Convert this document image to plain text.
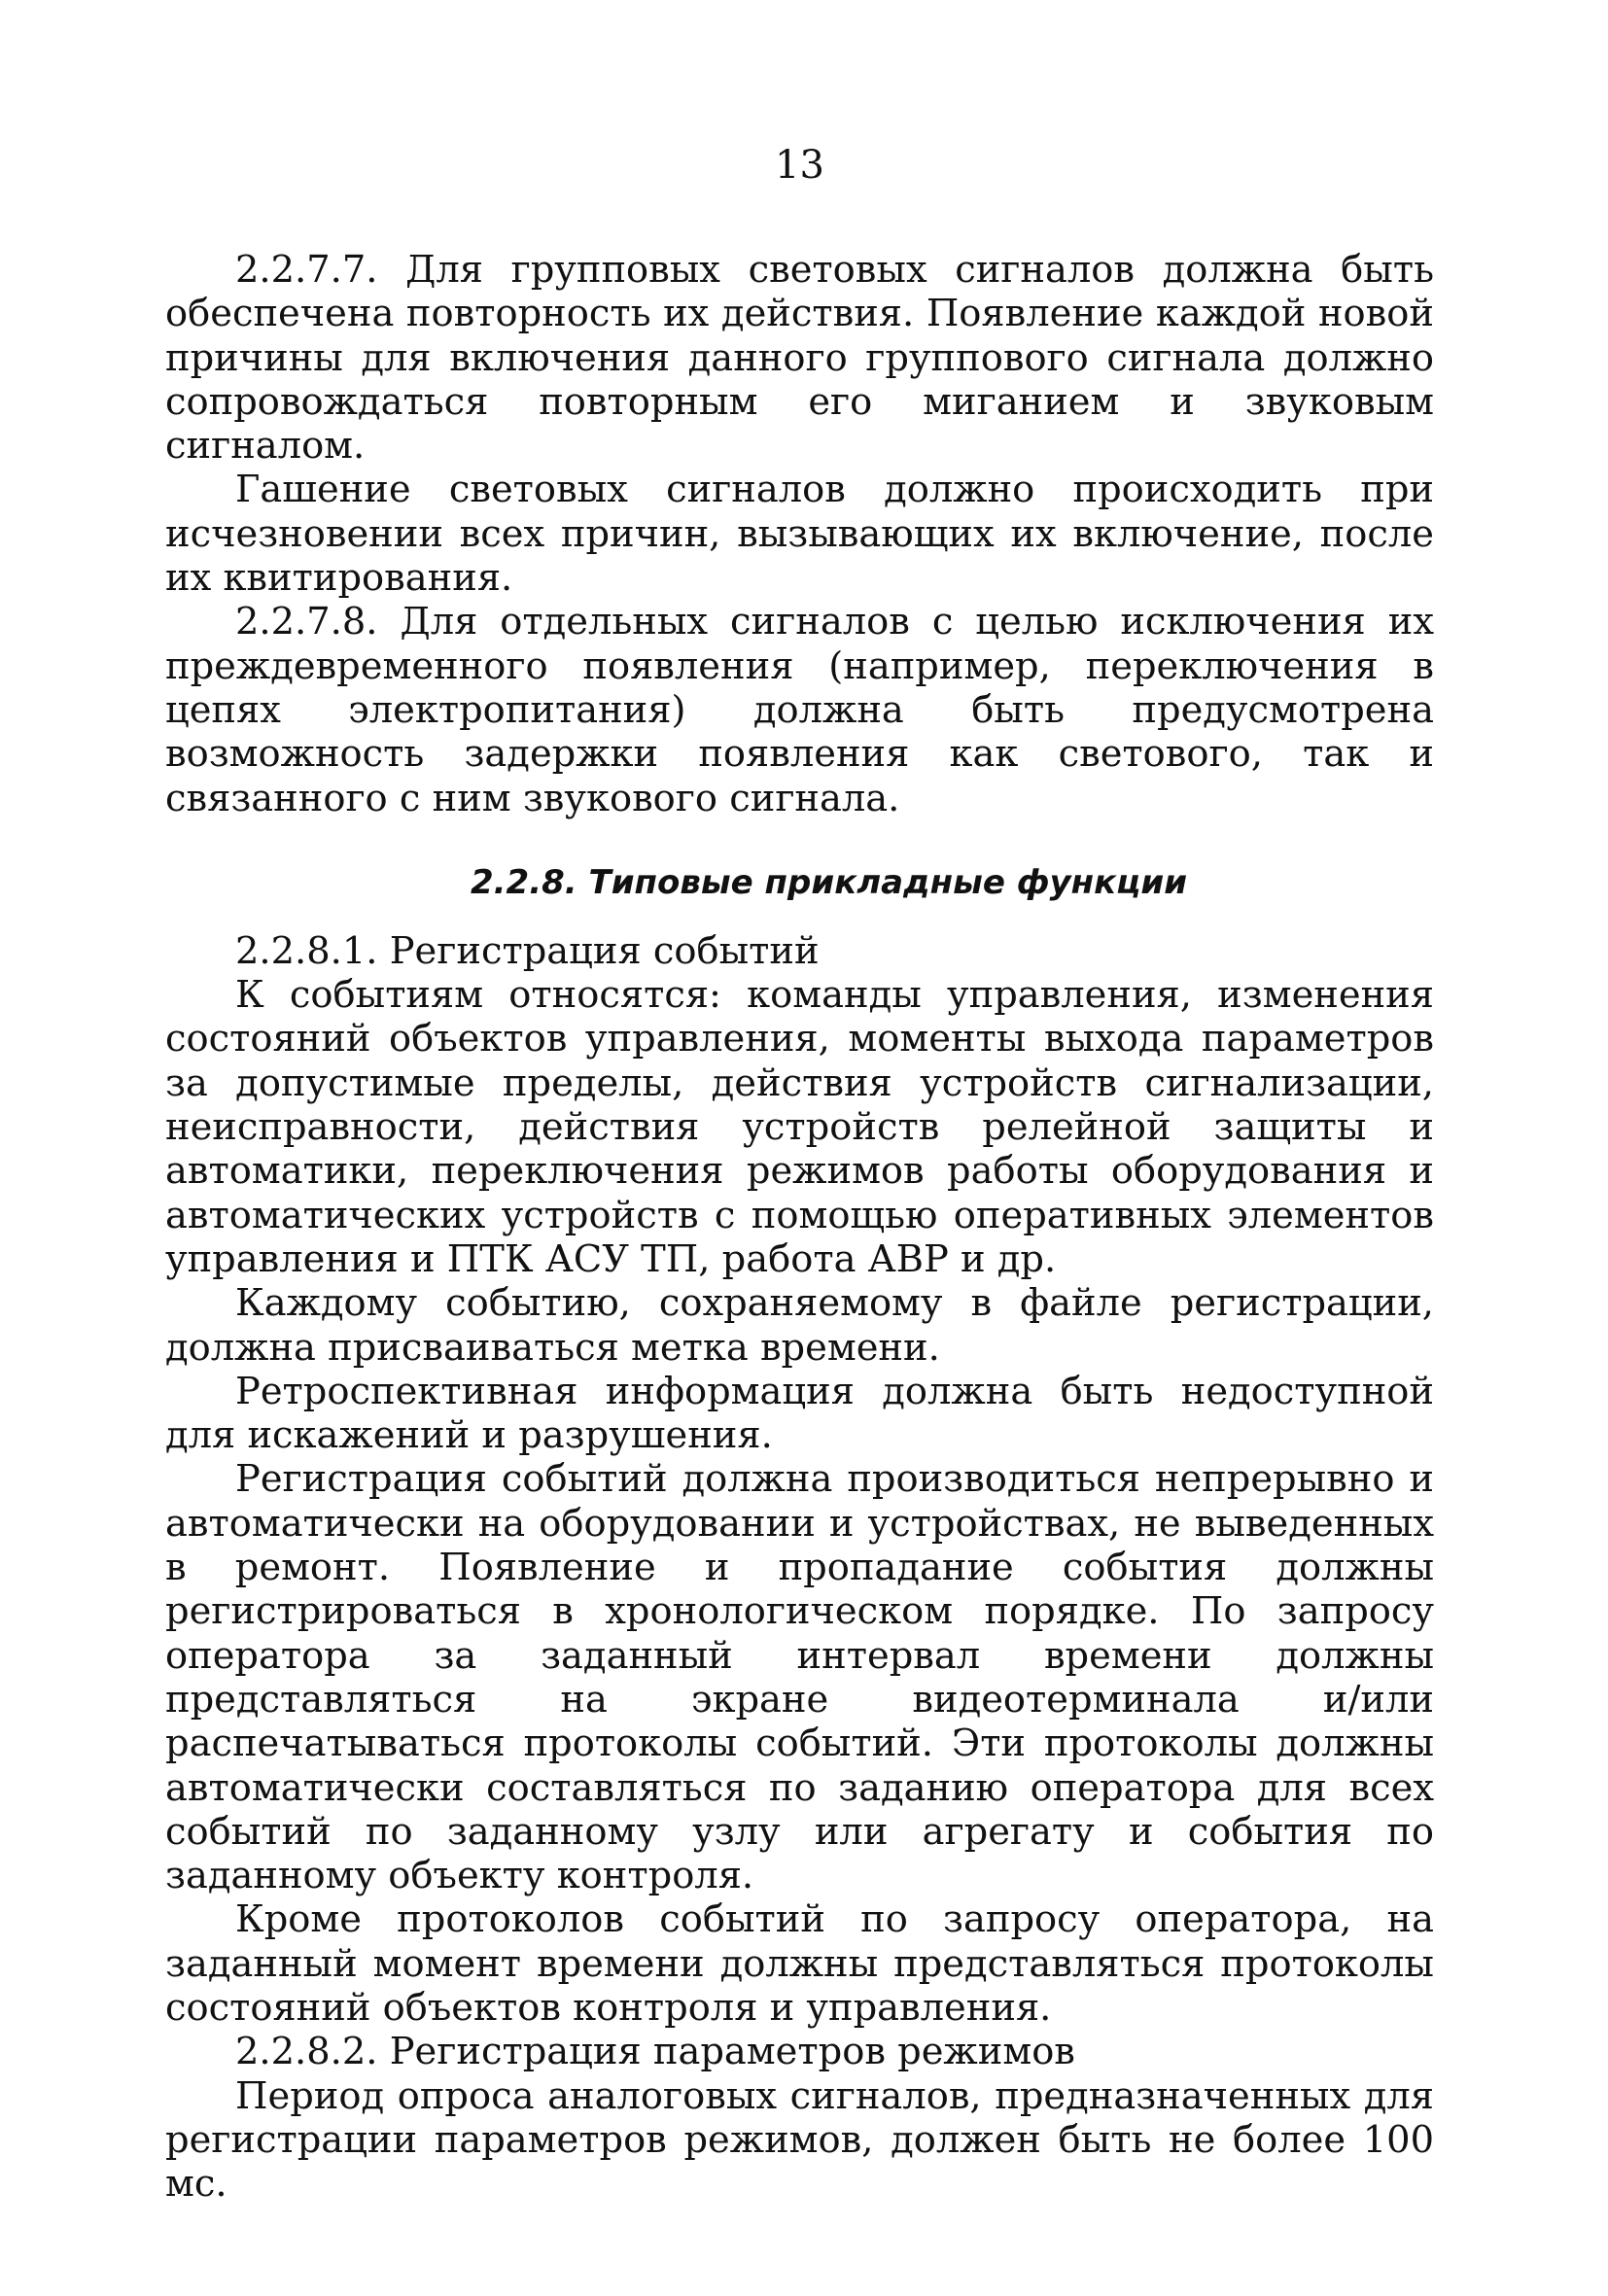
13

2.2.7.7. Для групповых световых сигналов должна быть обеспечена повторность их действия. Появление каждой новой причины для включения данного группового сигнала должно сопровождаться повторным его миганием и звуковым сигналом.

Гашение световых сигналов должно происходить при исчезновении всех причин, вызывающих их включение, после их квитирования.

2.2.7.8. Для отдельных сигналов с целью исключения их преждевременного появления (например, переключения в цепях электропитания) должна быть предусмотрена возможность задержки появления как светового, так и связанного с ним звукового сигнала.

2.2.8. Типовые прикладные функции

2.2.8.1. Регистрация событий

К событиям относятся: команды управления, изменения состояний объектов управления, моменты выхода параметров за допустимые пределы, действия устройств сигнализации, неисправности, действия устройств релейной защиты и автоматики, переключения режимов работы оборудования и автоматических устройств с помощью оперативных элементов управления и ПТК АСУ ТП, работа АВР и др.

Каждому событию, сохраняемому в файле регистрации, должна присваиваться метка времени.

Ретроспективная информация должна быть недоступной для искажений и разрушения.

Регистрация событий должна производиться непрерывно и автоматически на оборудовании и устройствах, не выведенных в ремонт. Появление и пропадание события должны регистрироваться в хронологическом порядке. По запросу оператора за заданный интервал времени должны представляться на экране видеотерминала и/или распечатываться протоколы событий. Эти протоколы должны автоматически составляться по заданию оператора для всех событий по заданному узлу или агрегату и события по заданному объекту контроля.

Кроме протоколов событий по запросу оператора, на заданный момент времени должны представляться протоколы состояний объектов контроля и управления.

2.2.8.2. Регистрация параметров режимов

Период опроса аналоговых сигналов, предназначенных для регистрации параметров режимов, должен быть не более 100 мс.
